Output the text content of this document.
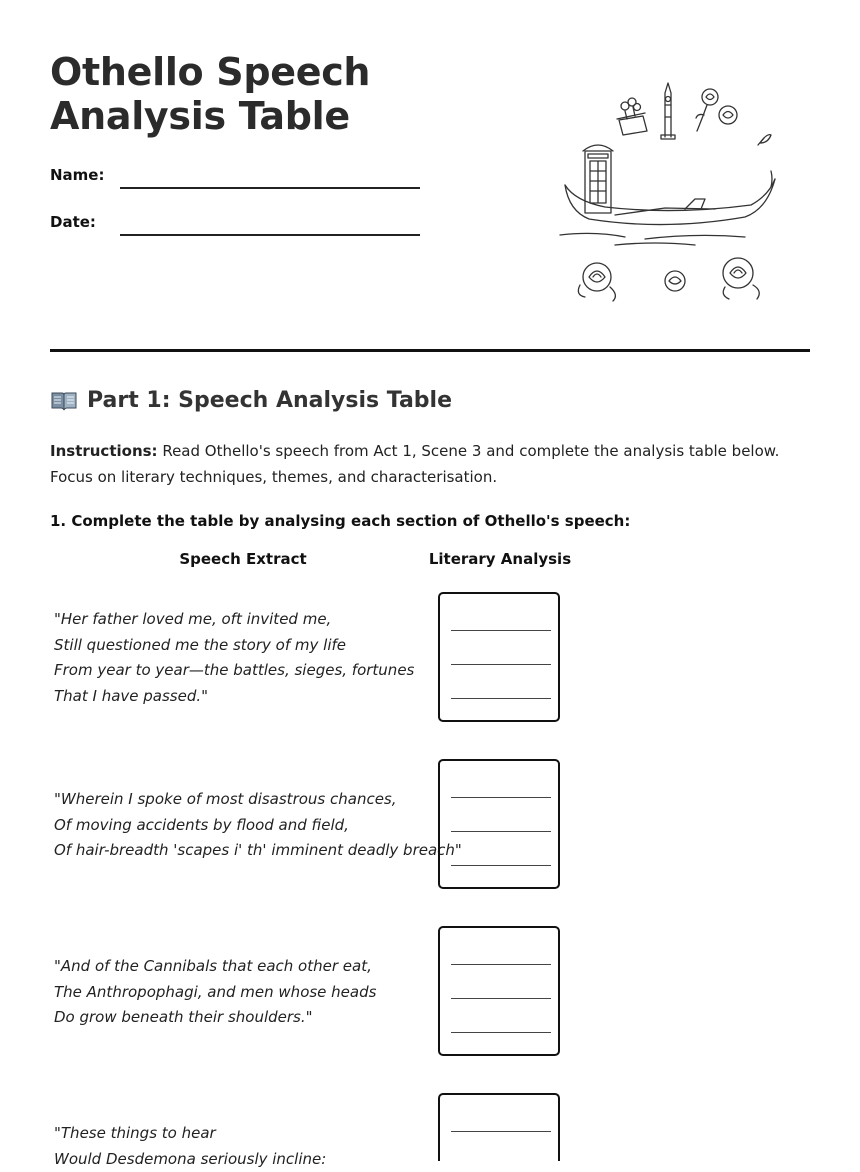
Othello Speech Analysis Table
Name:
Date:
Part 1: Speech Analysis Table

Instructions: Read Othello's speech from Act 1, Scene 3 and complete the analysis table below. Focus on literary techniques, themes, and characterisation.

1. Complete the table by analysing each section of Othello's speech:

Speech Extract	Literary Analysis

"Her father loved me, oft invited me,
Still questioned me the story of my life
From year to year—the battles, sieges, fortunes
That I have passed."

"Wherein I spoke of most disastrous chances,
Of moving accidents by flood and field,
Of hair-breadth 'scapes i' th' imminent deadly breach"

"And of the Cannibals that each other eat,
The Anthropophagi, and men whose heads
Do grow beneath their shoulders."

"These things to hear
Would Desdemona seriously incline:
